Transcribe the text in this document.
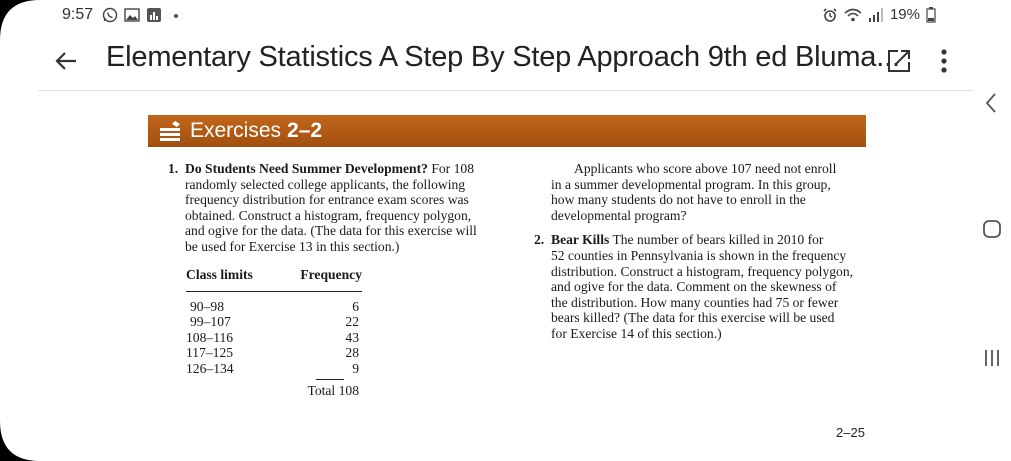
9:57	19%
Elementary Statistics A Step By Step Approach 9th ed Bluma...
Exercises 2–2
1. Do Students Need Summer Development? For 108
randomly selected college applicants, the following
frequency distribution for entrance exam scores was
obtained. Construct a histogram, frequency polygon,
and ogive for the data. (The data for this exercise will
be used for Exercise 13 in this section.)
Class limits	Frequency
90–98	6
99–107	22
108–116	43
117–125	28
126–134	9
Total 108
Applicants who score above 107 need not enroll
in a summer developmental program. In this group,
how many students do not have to enroll in the
developmental program?
2. Bear Kills The number of bears killed in 2010 for
52 counties in Pennsylvania is shown in the frequency
distribution. Construct a histogram, frequency polygon,
and ogive for the data. Comment on the skewness of
the distribution. How many counties had 75 or fewer
bears killed? (The data for this exercise will be used
for Exercise 14 of this section.)
2–25
